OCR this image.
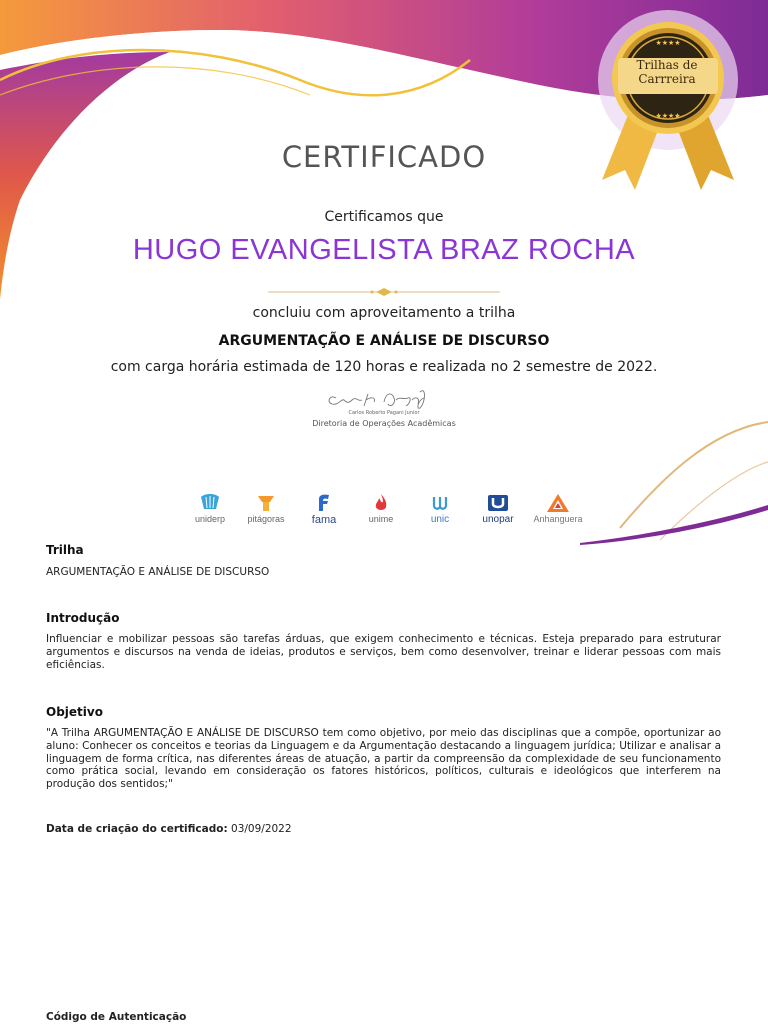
★★★★
★★★★
Trilhas de
Carrreira
CERTIFICADO
Certificamos que
HUGO EVANGELISTA BRAZ ROCHA
concluiu com aproveitamento a trilha
ARGUMENTAÇÃO E ANÁLISE DE DISCURSO
com carga horária estimada de 120 horas e realizada no 2 semestre de 2022.
Carlos Roberto Pagani Junior
Diretoria de Operações Acadêmicas
uniderp	pitágoras	fama	unime	unic	unopar	Anhanguera
Trilha

ARGUMENTAÇÃO E ANÁLISE DE DISCURSO

Introdução

Influenciar e mobilizar pessoas são tarefas árduas, que exigem conhecimento e técnicas. Esteja preparado para estruturar argumentos e discursos na venda de ideias, produtos e serviços, bem como desenvolver, treinar e liderar pessoas com mais eficiências.

Objetivo

"A Trilha ARGUMENTAÇÃO E ANÁLISE DE DISCURSO tem como objetivo, por meio das disciplinas que a compõe, oportunizar ao aluno: Conhecer os conceitos e teorias da Linguagem e da Argumentação destacando a linguagem jurídica; Utilizar e analisar a linguagem de forma crítica, nas diferentes áreas de atuação, a partir da compreensão da complexidade de seu funcionamento como prática social, levando em consideração os fatores históricos, políticos, culturais e ideológicos que interferem na produção dos sentidos;"

Data de criação do certificado: 03/09/2022
Código de Autenticação
